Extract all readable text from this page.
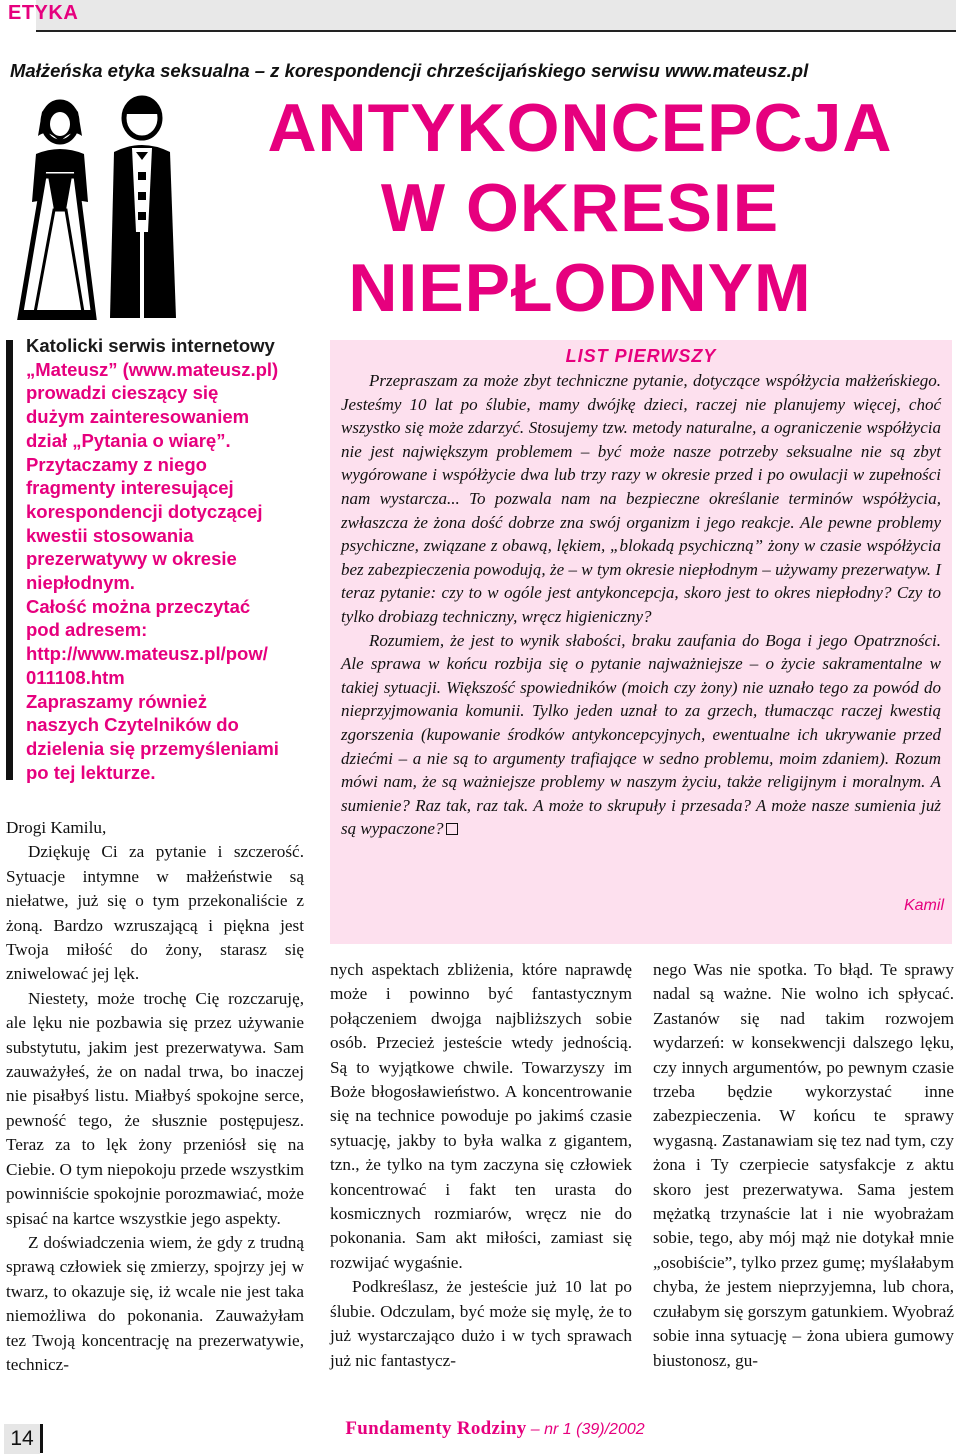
ETYKA
Małżeńska etyka seksualna – z korespondencji chrześcijańskiego serwisu www.mateusz.pl
ANTYKONCEPCJA
W OKRESIE
NIEPŁODNYM
Katolicki serwis internetowy
„Mateusz” (www.mateusz.pl)
prowadzi cieszący się
dużym zainteresowaniem
dział „Pytania o wiarę”.
Przytaczamy z niego
fragmenty interesującej
korespondencji dotyczącej
kwestii stosowania
prezerwatywy w okresie
niepłodnym.
Całość można przeczytać
pod adresem:
http://www.mateusz.pl/pow/
011108.htm
Zapraszamy również
naszych Czytelników do
dzielenia się przemyśleniami
po tej lekturze.
LIST PIERWSZY

Przepraszam za może zbyt techniczne pytanie, dotyczące współżycia małżeńskiego. Jesteśmy 10 lat po ślubie, mamy dwójkę dzieci, raczej nie planujemy więcej, choć wszystko się może zdarzyć. Stosujemy tzw. metody naturalne, a ograniczenie współżycia nie jest największym problemem – być może nasze potrzeby seksualne nie są zbyt wygórowane i współżycie dwa lub trzy razy w okresie przed i po owulacji w zupełności nam wystarcza... To pozwala nam na bezpieczne określanie terminów współżycia, zwłaszcza że żona dość dobrze zna swój organizm i jego reakcje. Ale pewne problemy psychiczne, związane z obawą, lękiem, „blokadą psychiczną” żony w czasie współżycia bez zabezpieczenia powodują, że – w tym okresie niepłodnym – używamy prezerwatyw. I teraz pytanie: czy to w ogóle jest antykoncepcja, skoro jest to okres niepłodny? Czy to tylko drobiazg techniczny, wręcz higieniczny?

Rozumiem, że jest to wynik słabości, braku zaufania do Boga i jego Opatrzności. Ale sprawa w końcu rozbija się o pytanie najważniejsze – o życie sakramentalne w takiej sytuacji. Większość spowiedników (moich czy żony) nie uznało tego za powód do nieprzyjmowania komunii. Tylko jeden uznał to za grzech, tłumacząc raczej kwestią zgorszenia (kupowanie środków antykoncepcyjnych, ewentualne ich ukrywanie przed dziećmi – a nie są to argumenty trafiające w sedno problemu, moim zdaniem). Rozum mówi nam, że są ważniejsze problemy w naszym życiu, także religijnym i moralnym. A sumienie? Raz tak, raz tak. A może to skrupuły i przesada? A może nasze sumienia już są wypaczone?

Kamil

Drogi Kamilu,

Dziękuję Ci za pytanie i szczerość. Sytuacje intymne w małżeństwie są niełatwe, już się o tym przekonaliście z żoną. Bardzo wzruszającą i piękna jest Twoja miłość do żony, starasz się zniwelować jej lęk.

Niestety, może trochę Cię rozczaruję, ale lęku nie pozbawia się przez używanie substytutu, jakim jest prezerwatywa. Sam zauważyłeś, że on nadal trwa, bo inaczej nie pisałbyś listu. Miałbyś spokojne serce, pewność tego, że słusznie postępujesz. Teraz za to lęk żony przeniósł się na Ciebie. O tym niepokoju przede wszystkim powinniście spokojnie porozmawiać, może spisać na kartce wszystkie jego aspekty.

Z doświadczenia wiem, że gdy z trudną sprawą człowiek się zmierzy, spojrzy jej w twarz, to okazuje się, iż wcale nie jest taka niemożliwa do pokonania. Zauważyłam tez Twoją koncentrację na prezerwatywie, technicz-

nych aspektach zbliżenia, które naprawdę może i powinno być fantastycznym połączeniem dwojga najbliższych sobie osób. Przecież jesteście wtedy jednością. Są to wyjątkowe chwile. Towarzyszy im Boże błogosławieństwo. A koncentrowanie się na technice powoduje po jakimś czasie sytuację, jakby to była walka z gigantem, tzn., że tylko na tym zaczyna się człowiek koncentrować i fakt ten urasta do kosmicznych rozmiarów, wręcz nie do pokonania. Sam akt miłości, zamiast się rozwijać wygaśnie.

Podkreślasz, że jesteście już 10 lat po ślubie. Odczulam, być może się mylę, że to już wystarczająco dużo i w tych sprawach już nic fantastycz-

nego Was nie spotka. To błąd. Te sprawy nadal są ważne. Nie wolno ich spłycać. Zastanów się nad takim rozwojem wydarzeń: w konsekwencji dalszego lęku, czy innych argumentów, po pewnym czasie trzeba będzie wykorzystać inne zabezpieczenia. W końcu te sprawy wygasną. Zastanawiam się tez nad tym, czy żona i Ty czerpiecie satysfakcje z aktu skoro jest prezerwatywa. Sama jestem mężatką trzynaście lat i nie wyobrażam sobie, tego, aby mój mąż nie dotykał mnie „osobiście”, tylko przez gumę; myślałabym chyba, że jestem nieprzyjemna, lub chora, czułabym się gorszym gatunkiem. Wyobraź sobie inna sytuację – żona ubiera gumowy biustonosz, gu-

14	Fundamenty Rodziny – nr 1 (39)/2002
